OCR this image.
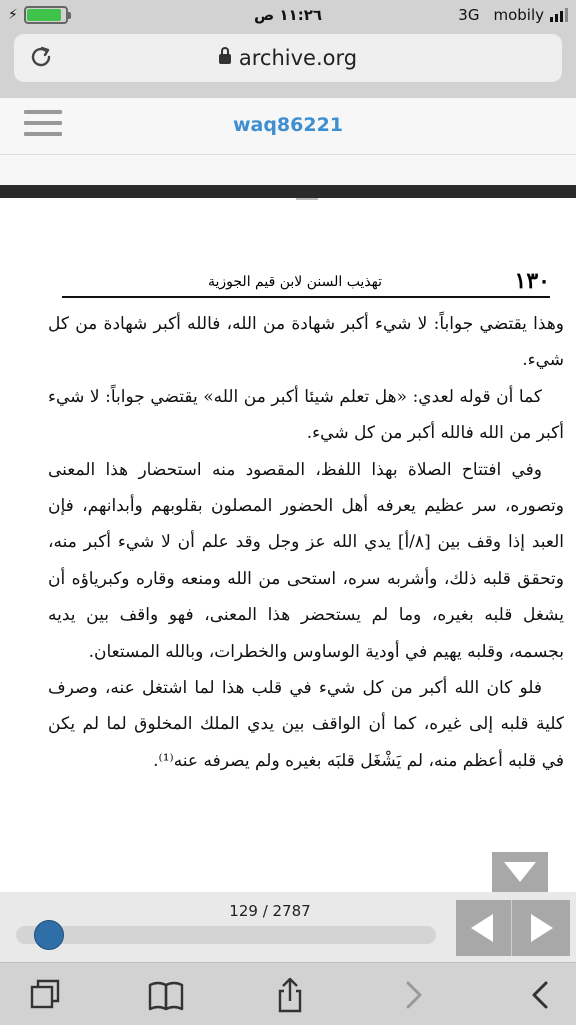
⚡	١١:٢٦ ص	3G mobily
archive.org
waq86221
١٣٠
تهذيب السنن لابن قيم الجوزية

وهذا يقتضي جواباً: لا شيء أكبر شهادة من الله، فالله أكبر شهادة من كل شيء.

كما أن قوله لعدي: «هل تعلم شيئا أكبر من الله» يقتضي جواباً: لا شيء أكبر من الله فالله أكبر من كل شيء.

وفي افتتاح الصلاة بهذا اللفظ، المقصود منه استحضار هذا المعنى وتصوره، سر عظيم يعرفه أهل الحضور المصلون بقلوبهم وأبدانهم، فإن العبد إذا وقف بين [٨/أ] يدي الله عز وجل وقد علم أن لا شيء أكبر منه، وتحقق قلبه ذلك، وأشربه سره، استحى من الله ومنعه وقاره وكبرياؤه أن يشغل قلبه بغيره، وما لم يستحضر هذا المعنى، فهو واقف بين يديه بجسمه، وقلبه يهيم في أودية الوساوس والخطرات، وبالله المستعان.

فلو كان الله أكبر من كل شيء في قلب هذا لما اشتغل عنه، وصرف كلية قلبه إلى غيره، كما أن الواقف بين يدي الملك المخلوق لما لم يكن في قلبه أعظم منه، لم يَشْغَل قلبَه بغيره ولم يصرفه عنه⁽¹⁾.

129 / 2787
